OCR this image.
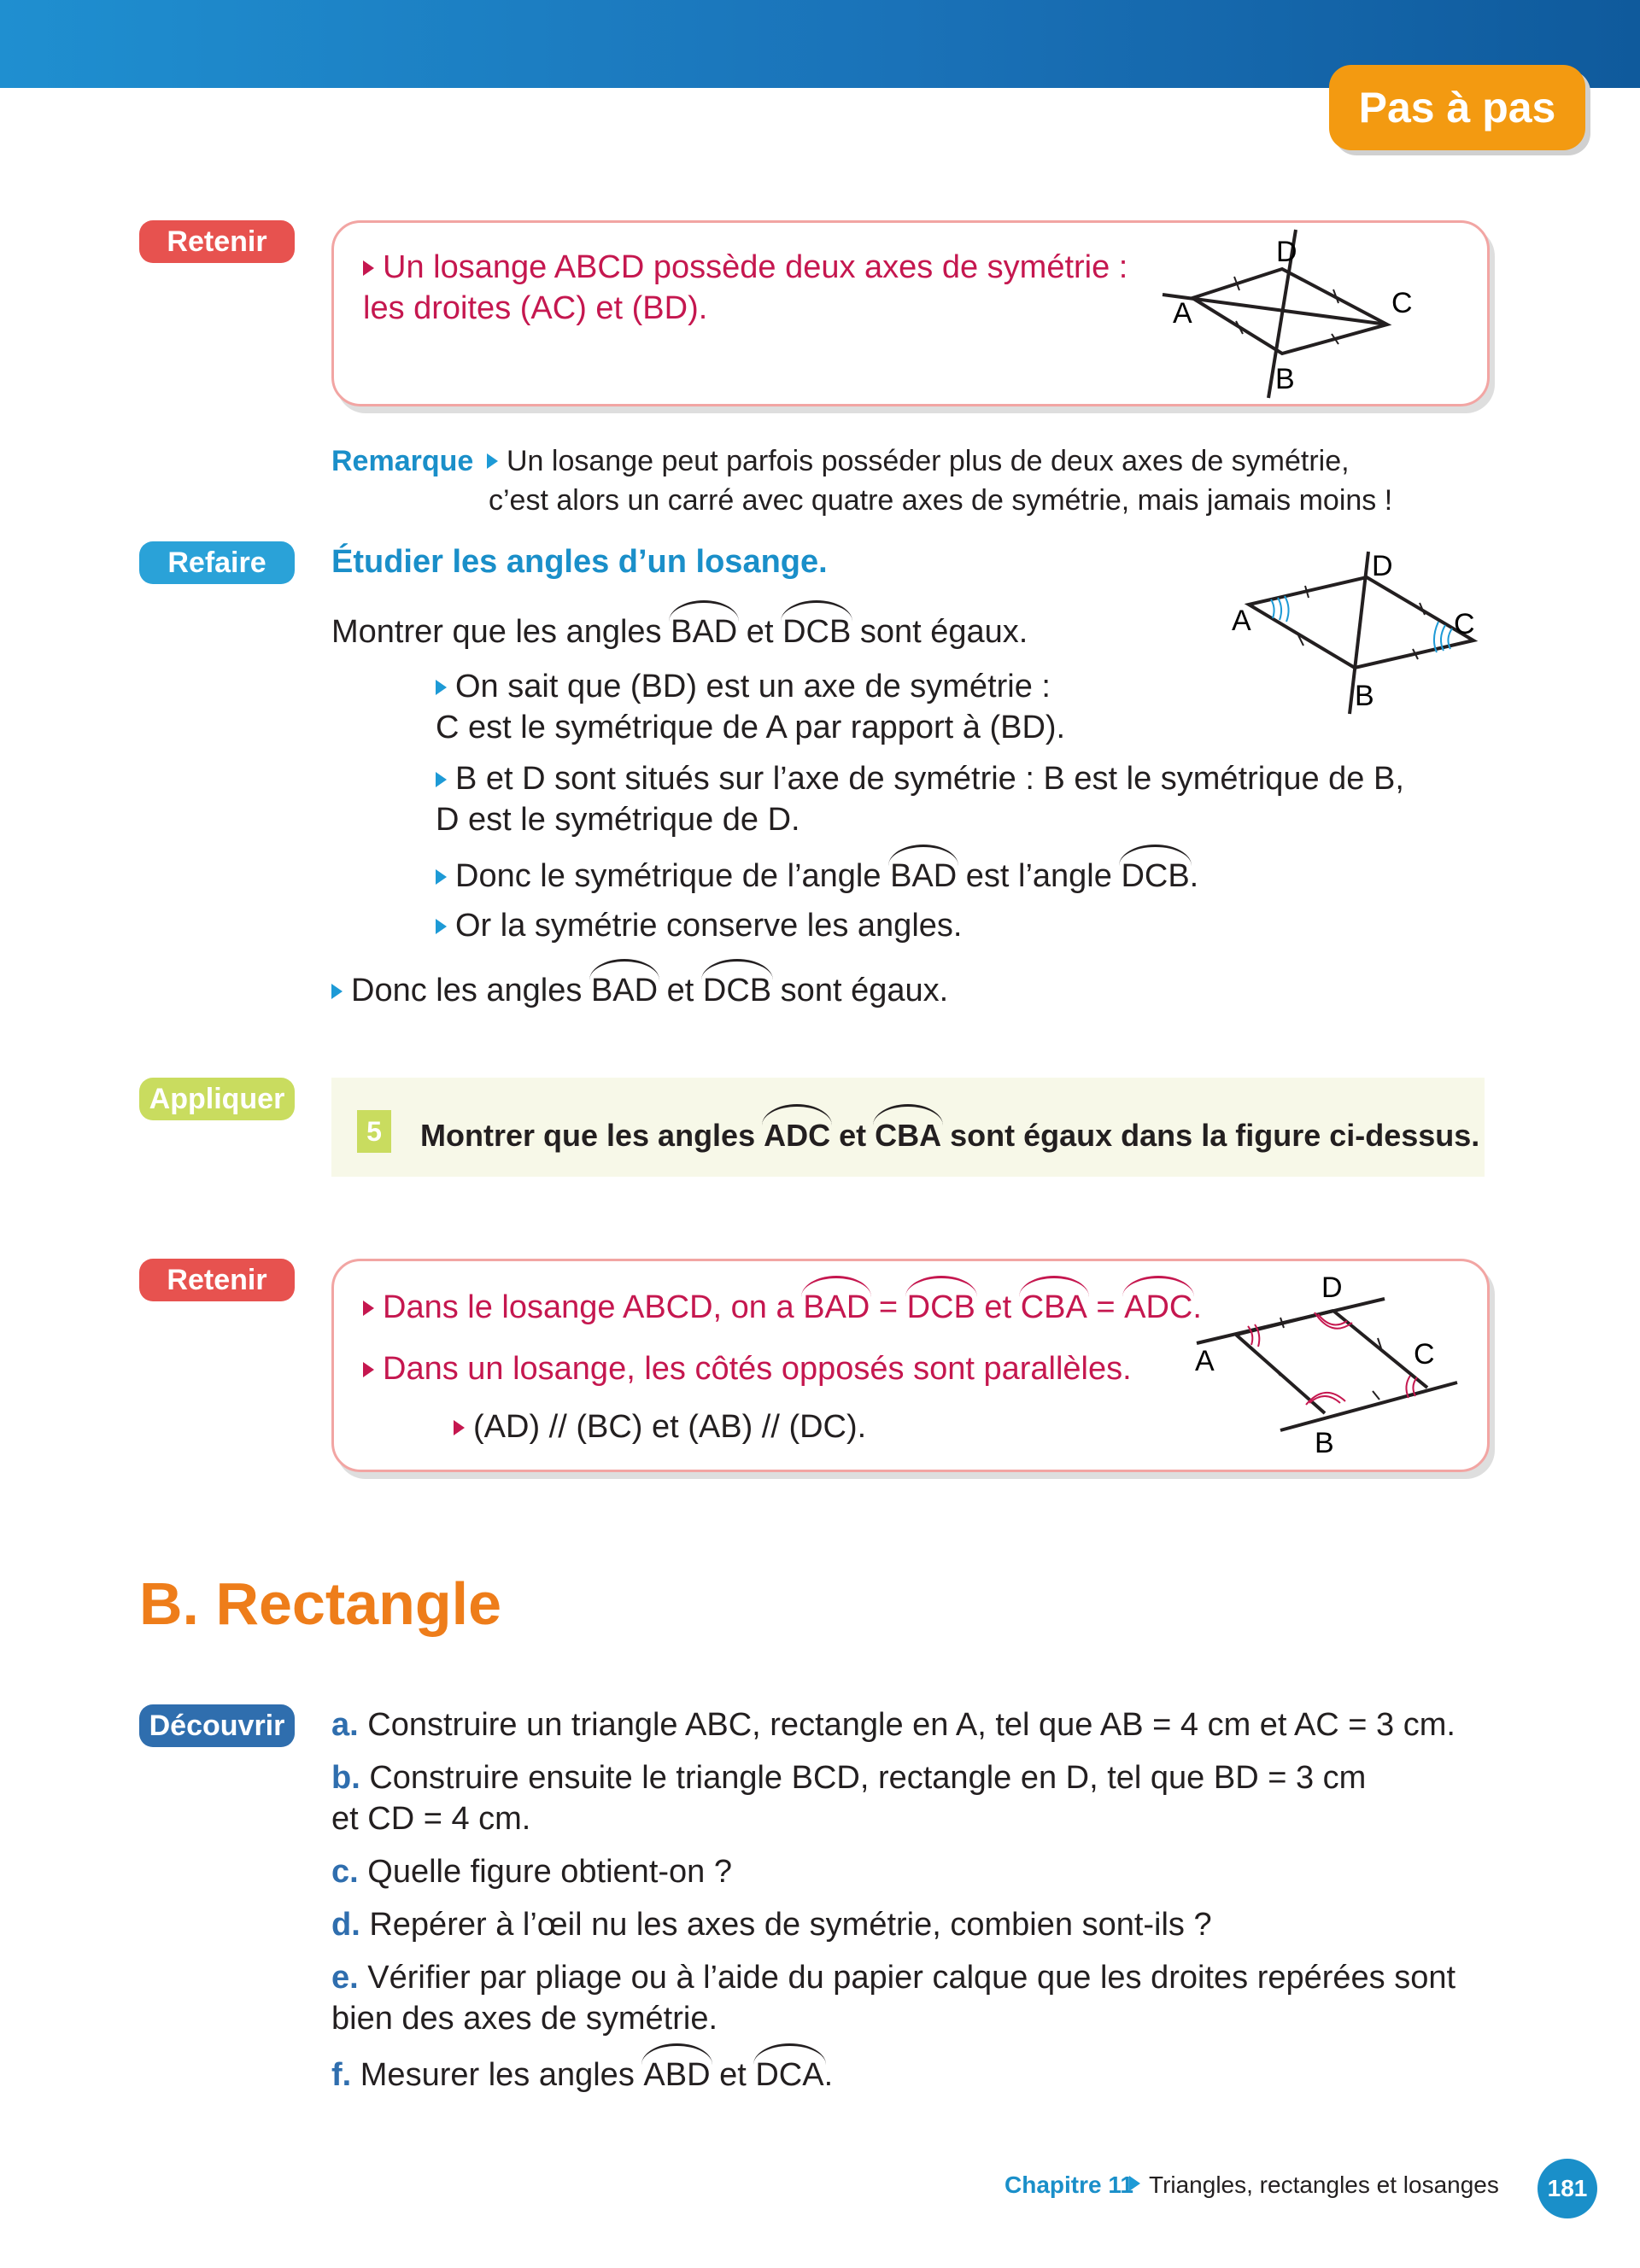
Pas à pas
Retenir
Un losange ABCD possède deux axes de symétrie :
les droites (AC) et (BD).	A
D
C
B
Remarque	Un losange peut parfois posséder plus de deux axes de symétrie,
c’est alors un carré avec quatre axes de symétrie, mais jamais moins !
Refaire	Étudier les angles d’un losange.
Montrer que les angles BAD et DCB sont égaux.
On sait que (BD) est un axe de symétrie :
C est le symétrique de A par rapport à (BD).
B et D sont situés sur l’axe de symétrie : B est le symétrique de B,
D est le symétrique de D.
Donc le symétrique de l’angle BAD est l’angle DCB.
Or la symétrie conserve les angles.
Donc les angles BAD et DCB sont égaux.
A
D
C
B
Appliquer
5	Montrer que les angles ADC et CBA sont égaux dans la figure ci-dessus.
Retenir
Dans le losange ABCD, on a BAD = DCB et CBA = ADC.
Dans un losange, les côtés opposés sont parallèles.
(AD) // (BC) et (AB) // (DC).
A
D
C
B
B. Rectangle
Découvrir	a. Construire un triangle ABC, rectangle en A, tel que AB = 4 cm et AC = 3 cm.
b. Construire ensuite le triangle BCD, rectangle en D, tel que BD = 3 cm
et CD = 4 cm.
c. Quelle figure obtient-on ?
d. Repérer à l’œil nu les axes de symétrie, combien sont-ils ?
e. Vérifier par pliage ou à l’aide du papier calque que les droites repérées sont
bien des axes de symétrie.
f. Mesurer les angles ABD et DCA.
Chapitre 11 Triangles, rectangles et losanges	181
